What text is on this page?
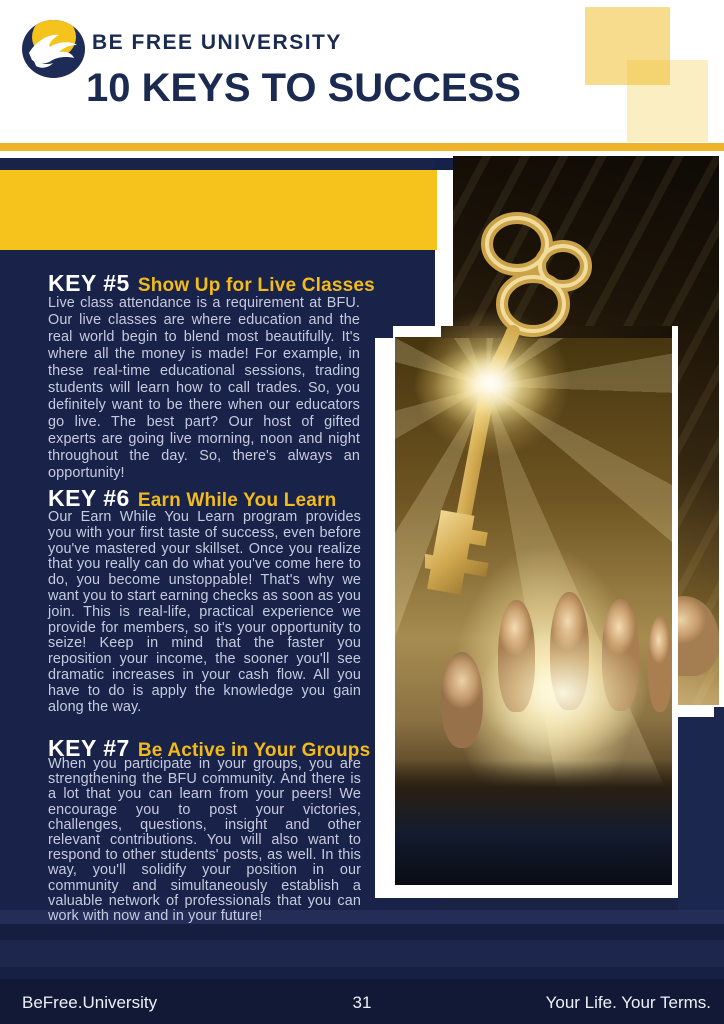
BE FREE UNIVERSITY
10 KEYS TO SUCCESS
KEY #5 Show Up for Live Classes
Live class attendance is a requirement at BFU. Our live classes are where education and the real world begin to blend most beautifully. It's where all the money is made! For example, in these real-time educational sessions, trading students will learn how to call trades. So, you definitely want to be there when our educators go live. The best part? Our host of gifted experts are going live morning, noon and night throughout the day. So, there's always an opportunity!
KEY #6 Earn While You Learn
Our Earn While You Learn program provides you with your first taste of success, even before you've mastered your skillset. Once you realize that you really can do what you've come here to do, you become unstoppable! That's why we want you to start earning checks as soon as you join. This is real-life, practical experience we provide for members, so it's your opportunity to seize! Keep in mind that the faster you reposition your income, the sooner you'll see dramatic increases in your cash flow. All you have to do is apply the knowledge you gain along the way.
KEY #7 Be Active in Your Groups
When you participate in your groups, you are strengthening the BFU community. And there is a lot that you can learn from your peers! We encourage you to post your victories, challenges, questions, insight and other relevant contributions. You will also want to respond to other students' posts, as well. In this way, you'll solidify your position in our community and simultaneously establish a valuable network of professionals that you can work with now and in your future!
BeFree.University	31	Your Life. Your Terms.
